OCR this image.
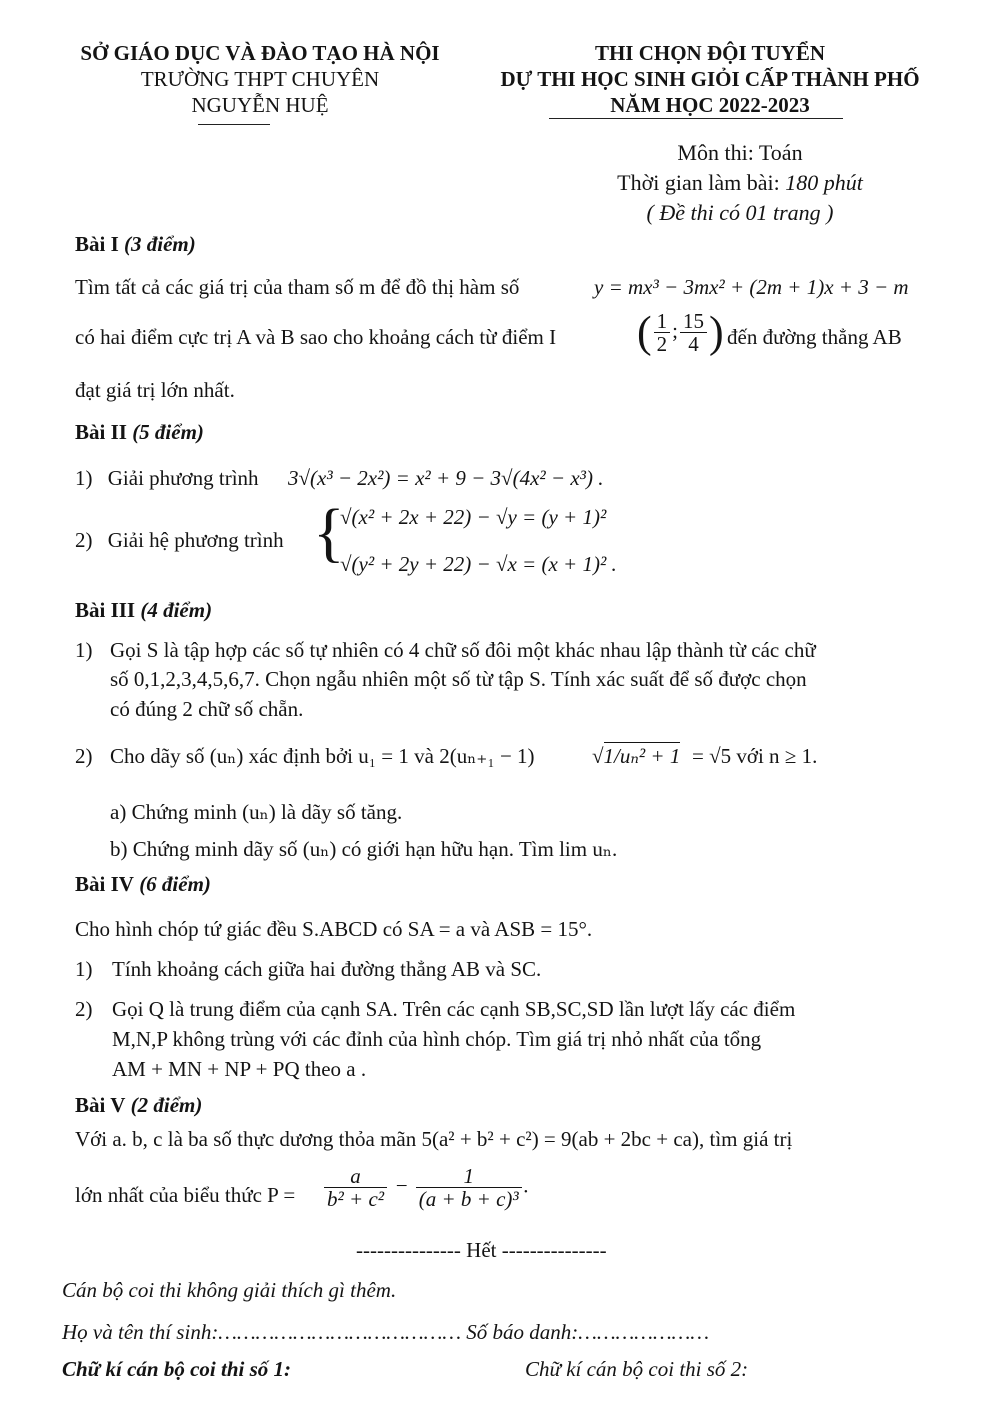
SỞ GIÁO DỤC VÀ ĐÀO TẠO HÀ NỘI
TRƯỜNG THPT CHUYÊN
NGUYỄN HUỆ
THI CHỌN ĐỘI TUYỂN
DỰ THI HỌC SINH GIỎI CẤP THÀNH PHỐ
NĂM HỌC 2022-2023
Môn thi: Toán
Thời gian làm bài: 180 phút
( Đề thi có 01 trang )
Bài I (3 điểm)
Tìm tất cả các giá trị của tham số m để đồ thị hàm số	y = mx³ − 3mx² + (2m + 1)x + 3 − m
có hai điểm cực trị A và B sao cho khoảng cách từ điểm I ( $\frac{1}{2}$ ; $\frac{15}{4}$ ) đến đường thẳng AB
đạt giá trị lớn nhất.
Bài II (5 điểm)
1) Giải phương trình 3√(x³ − 2x²) = x² + 9 − 3√(4x² − x³) .
2) Giải hệ phương trình {
√(x² + 2x + 22) − √y = (y + 1)²
√(y² + 2y + 22) − √x = (x + 1)² .
Bài III (4 điểm)
1) Gọi S là tập hợp các số tự nhiên có 4 chữ số đôi một khác nhau lập thành từ các chữ
số 0,1,2,3,4,5,6,7. Chọn ngẫu nhiên một số từ tập S. Tính xác suất để số được chọn
có đúng 2 chữ số chẵn.
2) Cho dãy số (uₙ) xác định bởi u₁ = 1 và 2(uₙ₊₁ − 1)	√1/uₙ² + 1 = √5 với n ≥ 1.
a) Chứng minh (uₙ) là dãy số tăng.
b) Chứng minh dãy số (uₙ) có giới hạn hữu hạn. Tìm lim uₙ.
Bài IV (6 điểm)
Cho hình chóp tứ giác đều S.ABCD có SA = a và ASB = 15°.
1) Tính khoảng cách giữa hai đường thẳng AB và SC.
2) Gọi Q là trung điểm của cạnh SA. Trên các cạnh SB,SC,SD lần lượt lấy các điểm
M,N,P không trùng với các đỉnh của hình chóp. Tìm giá trị nhỏ nhất của tổng
AM + MN + NP + PQ theo a .
Bài V (2 điểm)
Với a. b, c là ba số thực dương thỏa mãn 5(a² + b² + c²) = 9(ab + 2bc + ca), tìm giá trị
lớn nhất của biểu thức $P = \frac{a}{\text{b² + c²}} - \frac{1}{\text{(a + b + c)³}}$ .
--------------- Hết ---------------
Cán bộ coi thi không giải thích gì thêm.
Họ và tên thí sinh:………………………………… Số báo danh:…………………
Chữ kí cán bộ coi thi số 1:	Chữ kí cán bộ coi thi số 2:
